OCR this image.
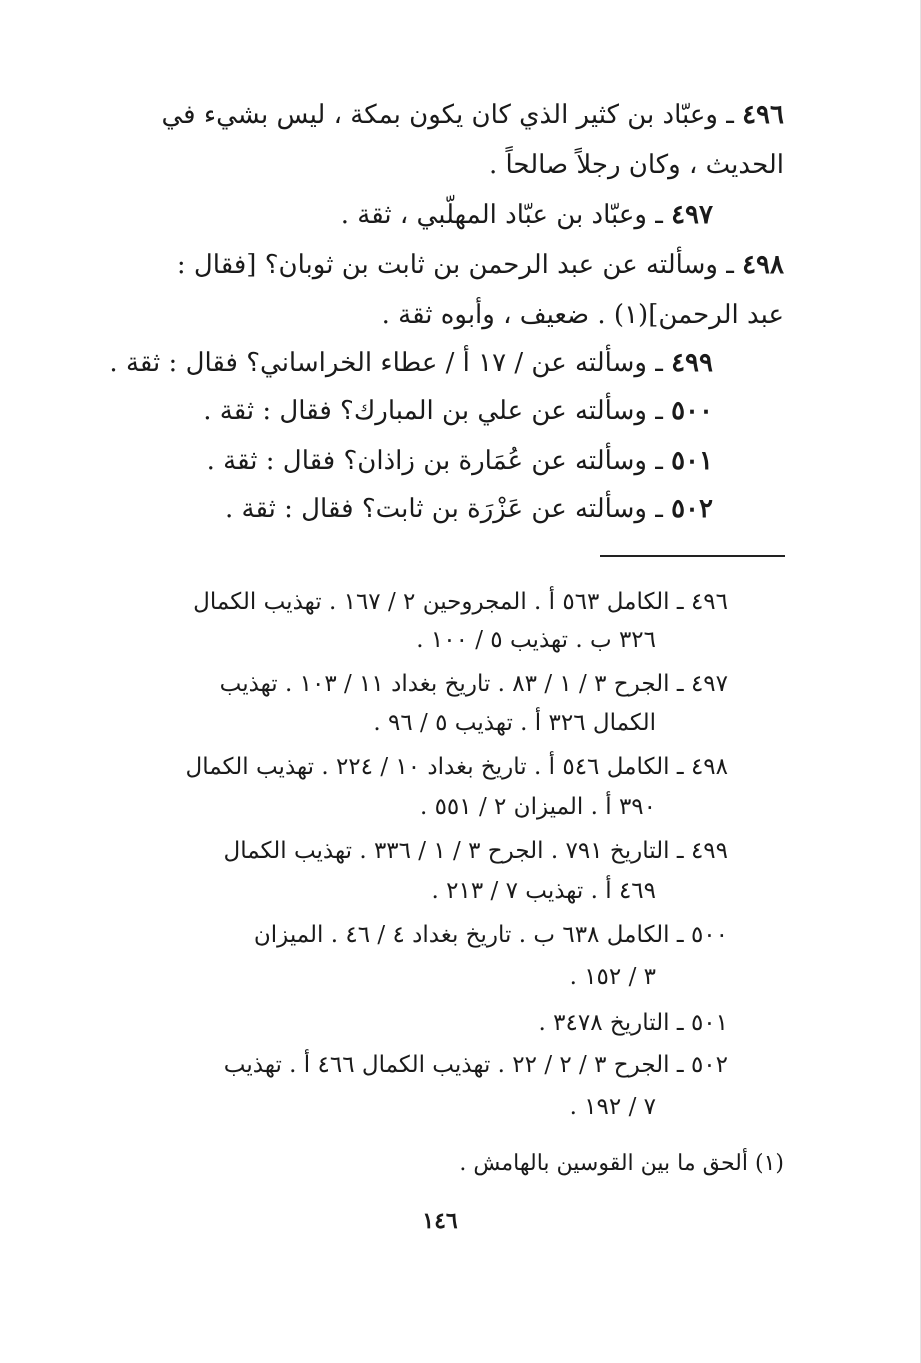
٤٩٦ ـ وعبّاد بن كثير الذي كان يكون بمكة ، ليس بشيء في
الحديث ، وكان رجلاً صالحاً .
٤٩٧ ـ وعبّاد بن عبّاد المهلّبي ، ثقة .
٤٩٨ ـ وسألته عن عبد الرحمن بن ثابت بن ثوبان؟ [فقال :
عبد الرحمن](١) . ضعيف ، وأبوه ثقة .
٤٩٩ ـ وسألته عن / ١٧ أ / عطاء الخراساني؟ فقال : ثقة .
٥٠٠ ـ وسألته عن علي بن المبارك؟ فقال : ثقة .
٥٠١ ـ وسألته عن عُمَارة بن زاذان؟ فقال : ثقة .
٥٠٢ ـ وسألته عن عَزْرَة بن ثابت؟ فقال : ثقة .
٤٩٦ ـ الكامل ٥٦٣ أ . المجروحين ٢ / ١٦٧ . تهذيب الكمال
٣٢٦ ب . تهذيب ٥ / ١٠٠ .
٤٩٧ ـ الجرح ٣ / ١ / ٨٣ . تاريخ بغداد ١١ / ١٠٣ . تهذيب
الكمال ٣٢٦ أ . تهذيب ٥ / ٩٦ .
٤٩٨ ـ الكامل ٥٤٦ أ . تاريخ بغداد ١٠ / ٢٢٤ . تهذيب الكمال
٣٩٠ أ . الميزان ٢ / ٥٥١ .
٤٩٩ ـ التاريخ ٧٩١ . الجرح ٣ / ١ / ٣٣٦ . تهذيب الكمال
٤٦٩ أ . تهذيب ٧ / ٢١٣ .
٥٠٠ ـ الكامل ٦٣٨ ب . تاريخ بغداد ٤ / ٤٦ . الميزان
٣ / ١٥٢ .
٥٠١ ـ التاريخ ٣٤٧٨ .
٥٠٢ ـ الجرح ٣ / ٢ / ٢٢ . تهذيب الكمال ٤٦٦ أ . تهذيب
٧ / ١٩٢ .
(١) ألحق ما بين القوسين بالهامش .
١٤٦
